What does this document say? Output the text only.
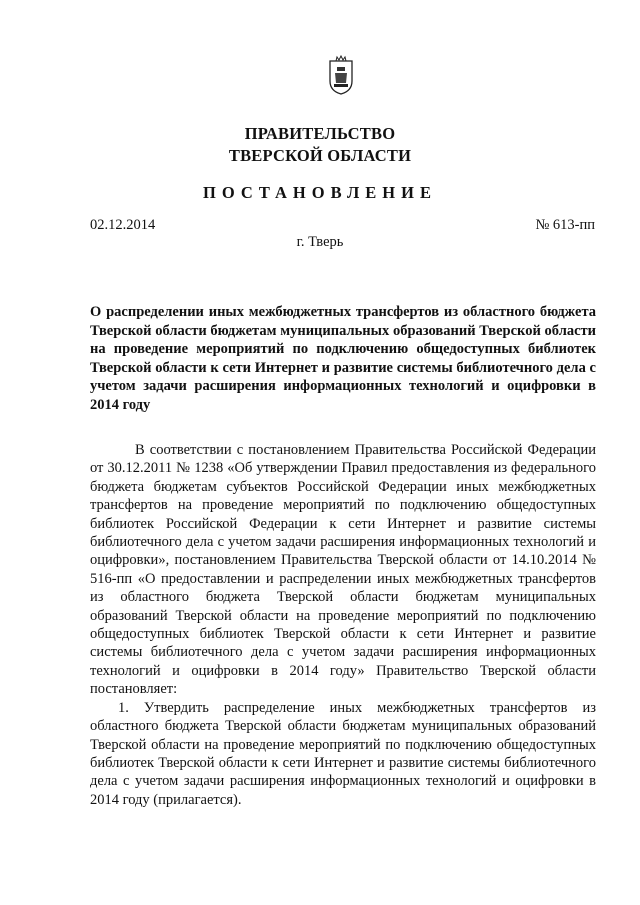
ПРАВИТЕЛЬСТВО
ТВЕРСКОЙ ОБЛАСТИ
ПОСТАНОВЛЕНИЕ
02.12.2014	№ 613-пп
г. Тверь
О распределении иных межбюджетных трансфертов из областного бюджета Тверской области бюджетам муниципальных образований Тверской области на проведение мероприятий по подключению общедоступных библиотек Тверской области к сети Интернет и развитие системы библиотечного дела с учетом задачи расширения информационных технологий и оцифровки в 2014 году

В соответствии с постановлением Правительства Российской Федерации от 30.12.2011 № 1238 «Об утверждении Правил предоставления из федерального бюджета бюджетам субъектов Российской Федерации иных межбюджетных трансфертов на проведение мероприятий по подключению общедоступных библиотек Российской Федерации к сети Интернет и развитие системы библиотечного дела с учетом задачи расширения информационных технологий и оцифровки», постановлением Правительства Тверской области от 14.10.2014 № 516-пп «О предоставлении и распределении иных межбюджетных трансфертов из областного бюджета Тверской области бюджетам муниципальных образований Тверской области на проведение мероприятий по подключению общедоступных библиотек Тверской области к сети Интернет и развитие системы библиотечного дела с учетом задачи расширения информационных технологий и оцифровки в 2014 году» Правительство Тверской области постановляет:

1. Утвердить распределение иных межбюджетных трансфертов из областного бюджета Тверской области бюджетам муниципальных образований Тверской области на проведение мероприятий по подключению общедоступных библиотек Тверской области к сети Интернет и развитие системы библиотечного дела с учетом задачи расширения информационных технологий и оцифровки в 2014 году (прилагается).
